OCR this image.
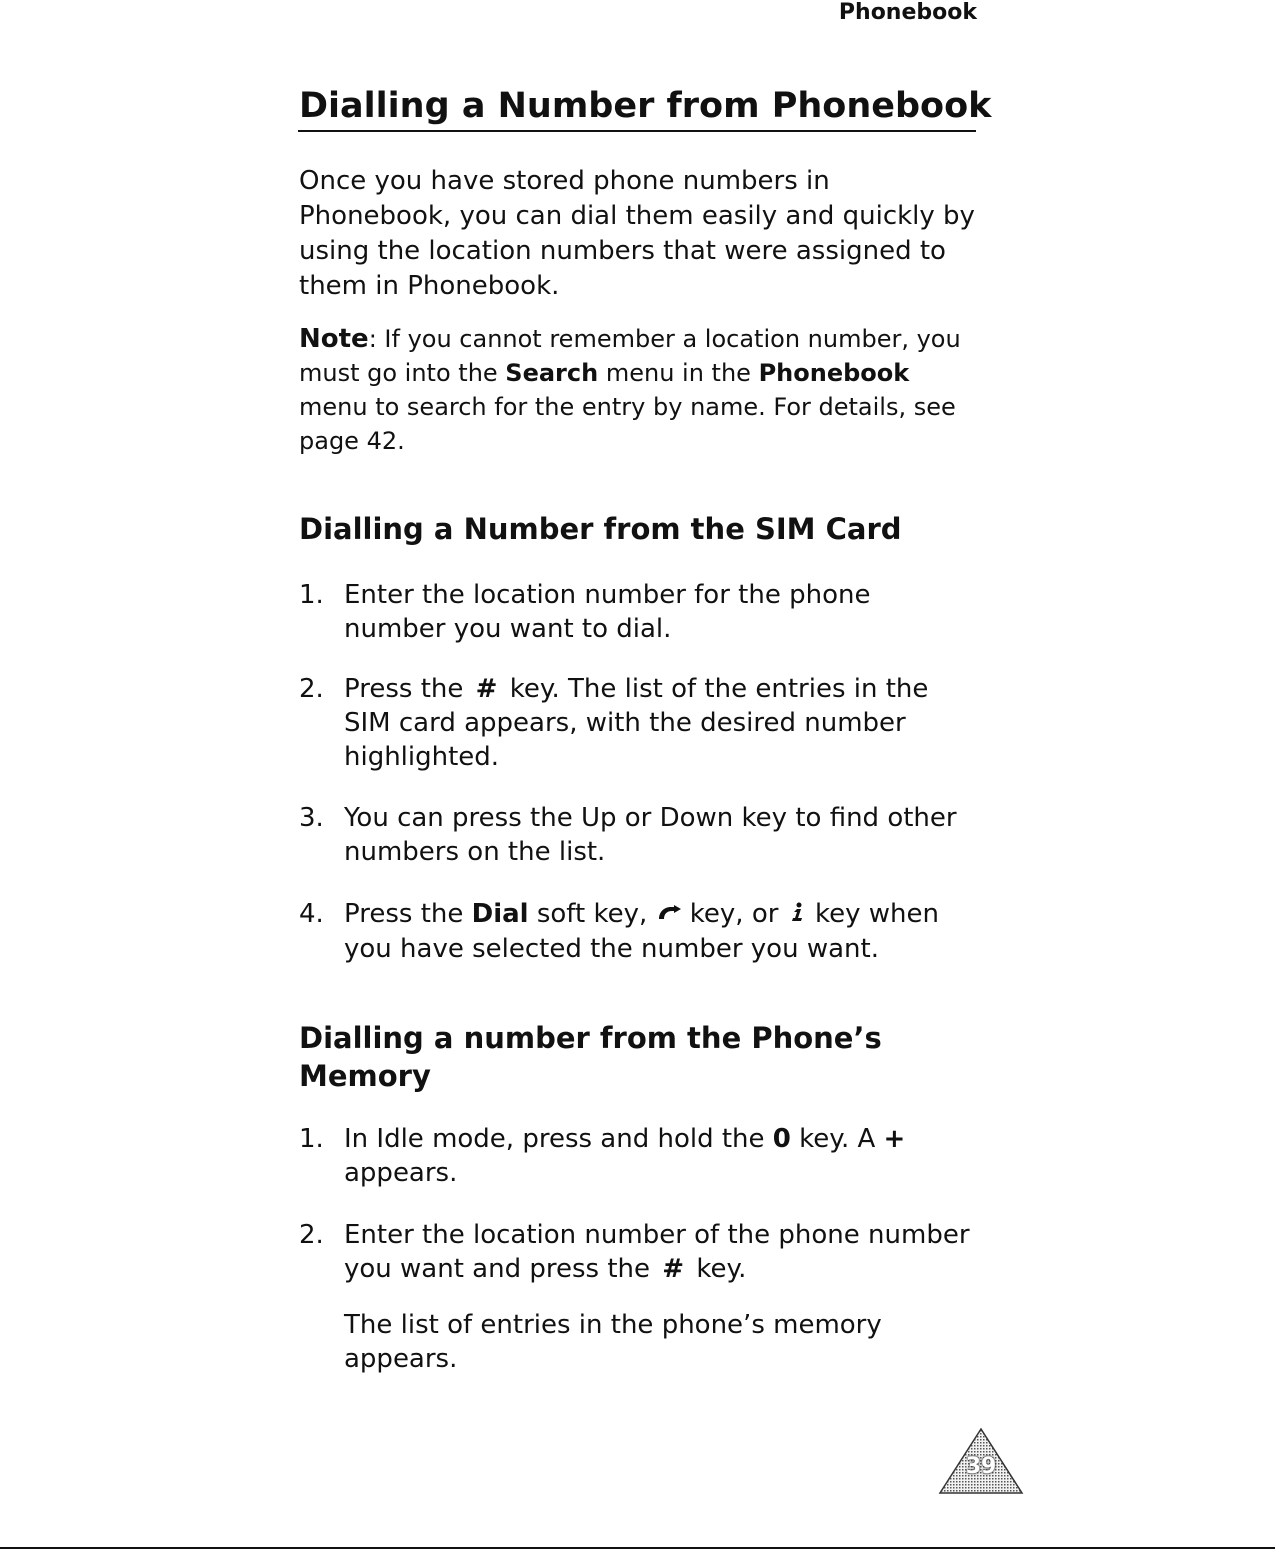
Phonebook
Dialling a Number from Phonebook

Once you have stored phone numbers in Phonebook, you can dial them easily and quickly by using the location numbers that were assigned to them in Phonebook.

Note: If you cannot remember a location number, you must go into the Search menu in the Phonebook menu to search for the entry by name. For details, see page 42.
Dialling a Number from the SIM Card
1. Enter the location number for the phone number you want to dial.
2. Press the # key. The list of the entries in the SIM card appears, with the desired number highlighted.
3. You can press the Up or Down key to find other numbers on the list.
4. Press the Dial soft key,  key, or  key when you have selected the number you want.
Dialling a number from the Phone’s Memory
1. In Idle mode, press and hold the 0 key. A + appears.
2. Enter the location number of the phone number you want and press the # key.
The list of entries in the phone’s memory appears.
39
